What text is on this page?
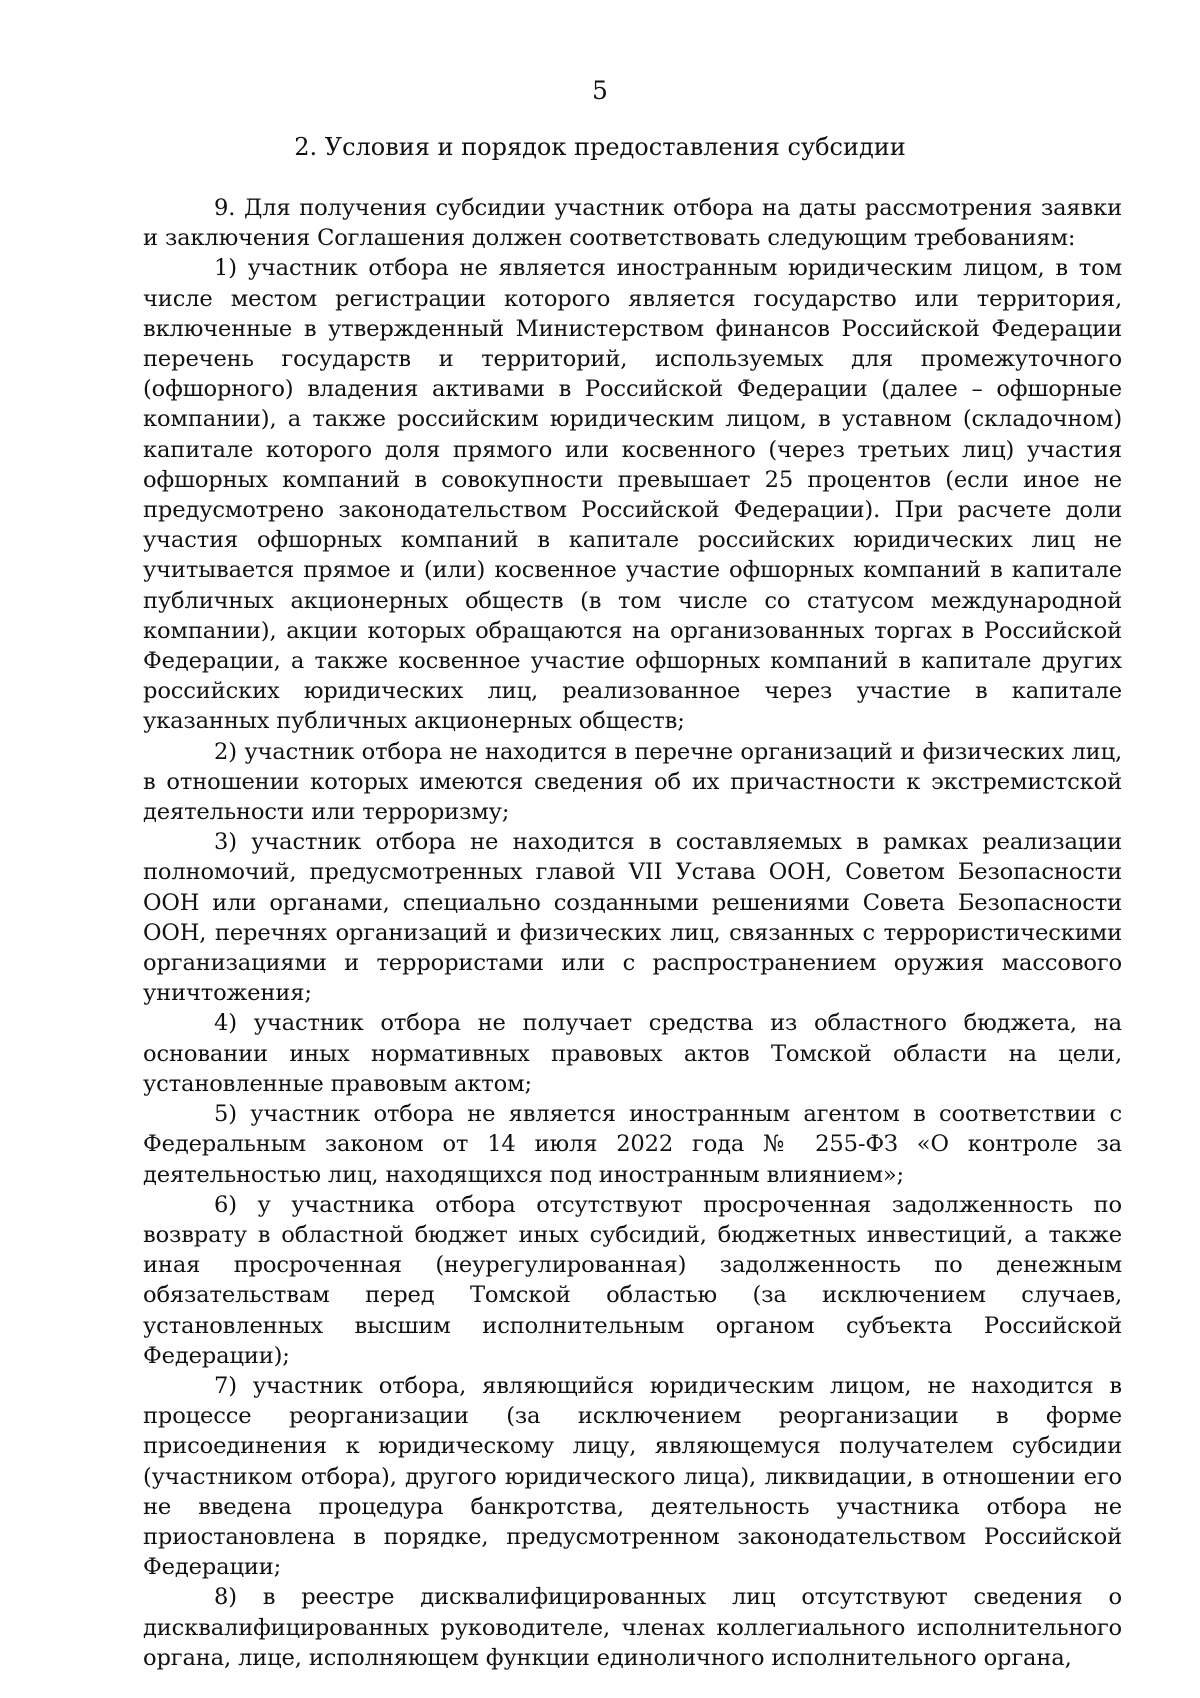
5
2. Условия и порядок предоставления субсидии

9. Для получения субсидии участник отбора на даты рассмотрения заявки и заключения Соглашения должен соответствовать следующим требованиям:

1) участник отбора не является иностранным юридическим лицом, в том числе местом регистрации которого является государство или территория, включенные в утвержденный Министерством финансов Российской Федерации перечень государств и территорий, используемых для промежуточного (офшорного) владения активами в Российской Федерации (далее – офшорные компании), а также российским юридическим лицом, в уставном (складочном) капитале которого доля прямого или косвенного (через третьих лиц) участия офшорных компаний в совокупности превышает 25 процентов (если иное не предусмотрено законодательством Российской Федерации). При расчете доли участия офшорных компаний в капитале российских юридических лиц не учитывается прямое и (или) косвенное участие офшорных компаний в капитале публичных акционерных обществ (в том числе со статусом международной компании), акции которых обращаются на организованных торгах в Российской Федерации, а также косвенное участие офшорных компаний в капитале других российских юридических лиц, реализованное через участие в капитале указанных публичных акционерных обществ;

2) участник отбора не находится в перечне организаций и физических лиц, в отношении которых имеются сведения об их причастности к экстремистской деятельности или терроризму;

3) участник отбора не находится в составляемых в рамках реализации полномочий, предусмотренных главой VII Устава ООН, Советом Безопасности ООН или органами, специально созданными решениями Совета Безопасности ООН, перечнях организаций и физических лиц, связанных с террористическими организациями и террористами или с распространением оружия массового уничтожения;

4) участник отбора не получает средства из областного бюджета, на основании иных нормативных правовых актов Томской области на цели, установленные правовым актом;

5) участник отбора не является иностранным агентом в соответствии с Федеральным законом от 14 июля 2022 года № 255-ФЗ «О контроле за деятельностью лиц, находящихся под иностранным влиянием»;

6) у участника отбора отсутствуют просроченная задолженность по возврату в областной бюджет иных субсидий, бюджетных инвестиций, а также иная просроченная (неурегулированная) задолженность по денежным обязательствам перед Томской областью (за исключением случаев, установленных высшим исполнительным органом субъекта Российской Федерации);

7) участник отбора, являющийся юридическим лицом, не находится в процессе реорганизации (за исключением реорганизации в форме присоединения к юридическому лицу, являющемуся получателем субсидии (участником отбора), другого юридического лица), ликвидации, в отношении его не введена процедура банкротства, деятельность участника отбора не приостановлена в порядке, предусмотренном законодательством Российской Федерации;

8) в реестре дисквалифицированных лиц отсутствуют сведения о дисквалифицированных руководителе, членах коллегиального исполнительного органа, лице, исполняющем функции единоличного исполнительного органа,
